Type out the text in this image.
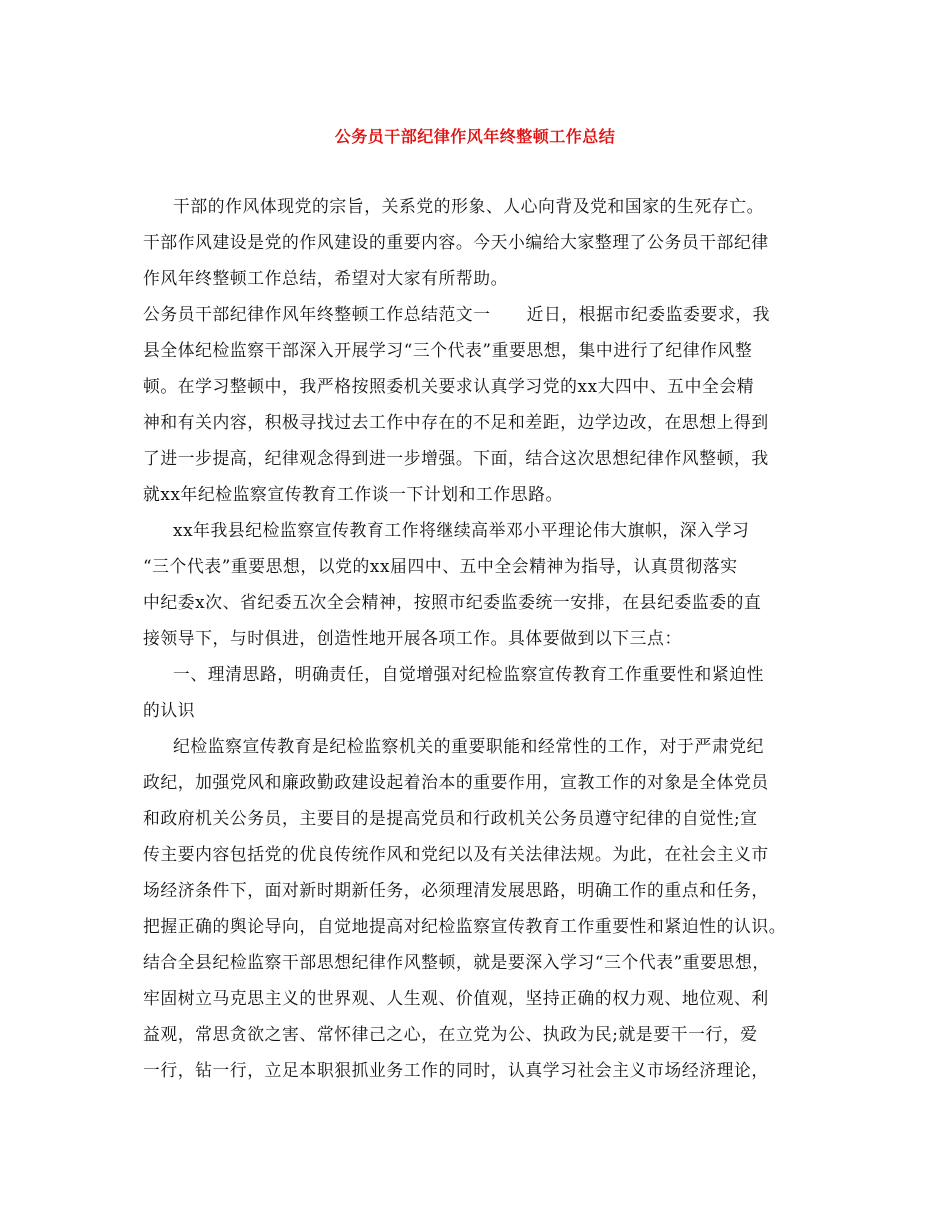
公务员干部纪律作风年终整顿工作总结
干部的作风体现党的宗旨，关系党的形象、人心向背及党和国家的生死存亡。
干部作风建设是党的作风建设的重要内容。今天小编给大家整理了公务员干部纪律
作风年终整顿工作总结，希望对大家有所帮助。
公务员干部纪律作风年终整顿工作总结范文一 近日，根据市纪委监委要求，我
县全体纪检监察干部深入开展学习“三个代表”重要思想，集中进行了纪律作风整
顿。在学习整顿中，我严格按照委机关要求认真学习党的xx大四中、五中全会精
神和有关内容，积极寻找过去工作中存在的不足和差距，边学边改，在思想上得到
了进一步提高，纪律观念得到进一步增强。下面，结合这次思想纪律作风整顿，我
就xx年纪检监察宣传教育工作谈一下计划和工作思路。
xx年我县纪检监察宣传教育工作将继续高举邓小平理论伟大旗帜，深入学习
“三个代表”重要思想，以党的xx届四中、五中全会精神为指导，认真贯彻落实
中纪委x次、省纪委五次全会精神，按照市纪委监委统一安排，在县纪委监委的直
接领导下，与时俱进，创造性地开展各项工作。具体要做到以下三点：
一、理清思路，明确责任，自觉增强对纪检监察宣传教育工作重要性和紧迫性
的认识
纪检监察宣传教育是纪检监察机关的重要职能和经常性的工作，对于严肃党纪
政纪，加强党风和廉政勤政建设起着治本的重要作用，宣教工作的对象是全体党员
和政府机关公务员，主要目的是提高党员和行政机关公务员遵守纪律的自觉性;宣
传主要内容包括党的优良传统作风和党纪以及有关法律法规。为此，在社会主义市
场经济条件下，面对新时期新任务，必须理清发展思路，明确工作的重点和任务，
把握正确的舆论导向，自觉地提高对纪检监察宣传教育工作重要性和紧迫性的认识。
结合全县纪检监察干部思想纪律作风整顿，就是要深入学习“三个代表”重要思想，
牢固树立马克思主义的世界观、人生观、价值观，坚持正确的权力观、地位观、利
益观，常思贪欲之害、常怀律己之心，在立党为公、执政为民;就是要干一行，爱
一行，钻一行，立足本职狠抓业务工作的同时，认真学习社会主义市场经济理论，
